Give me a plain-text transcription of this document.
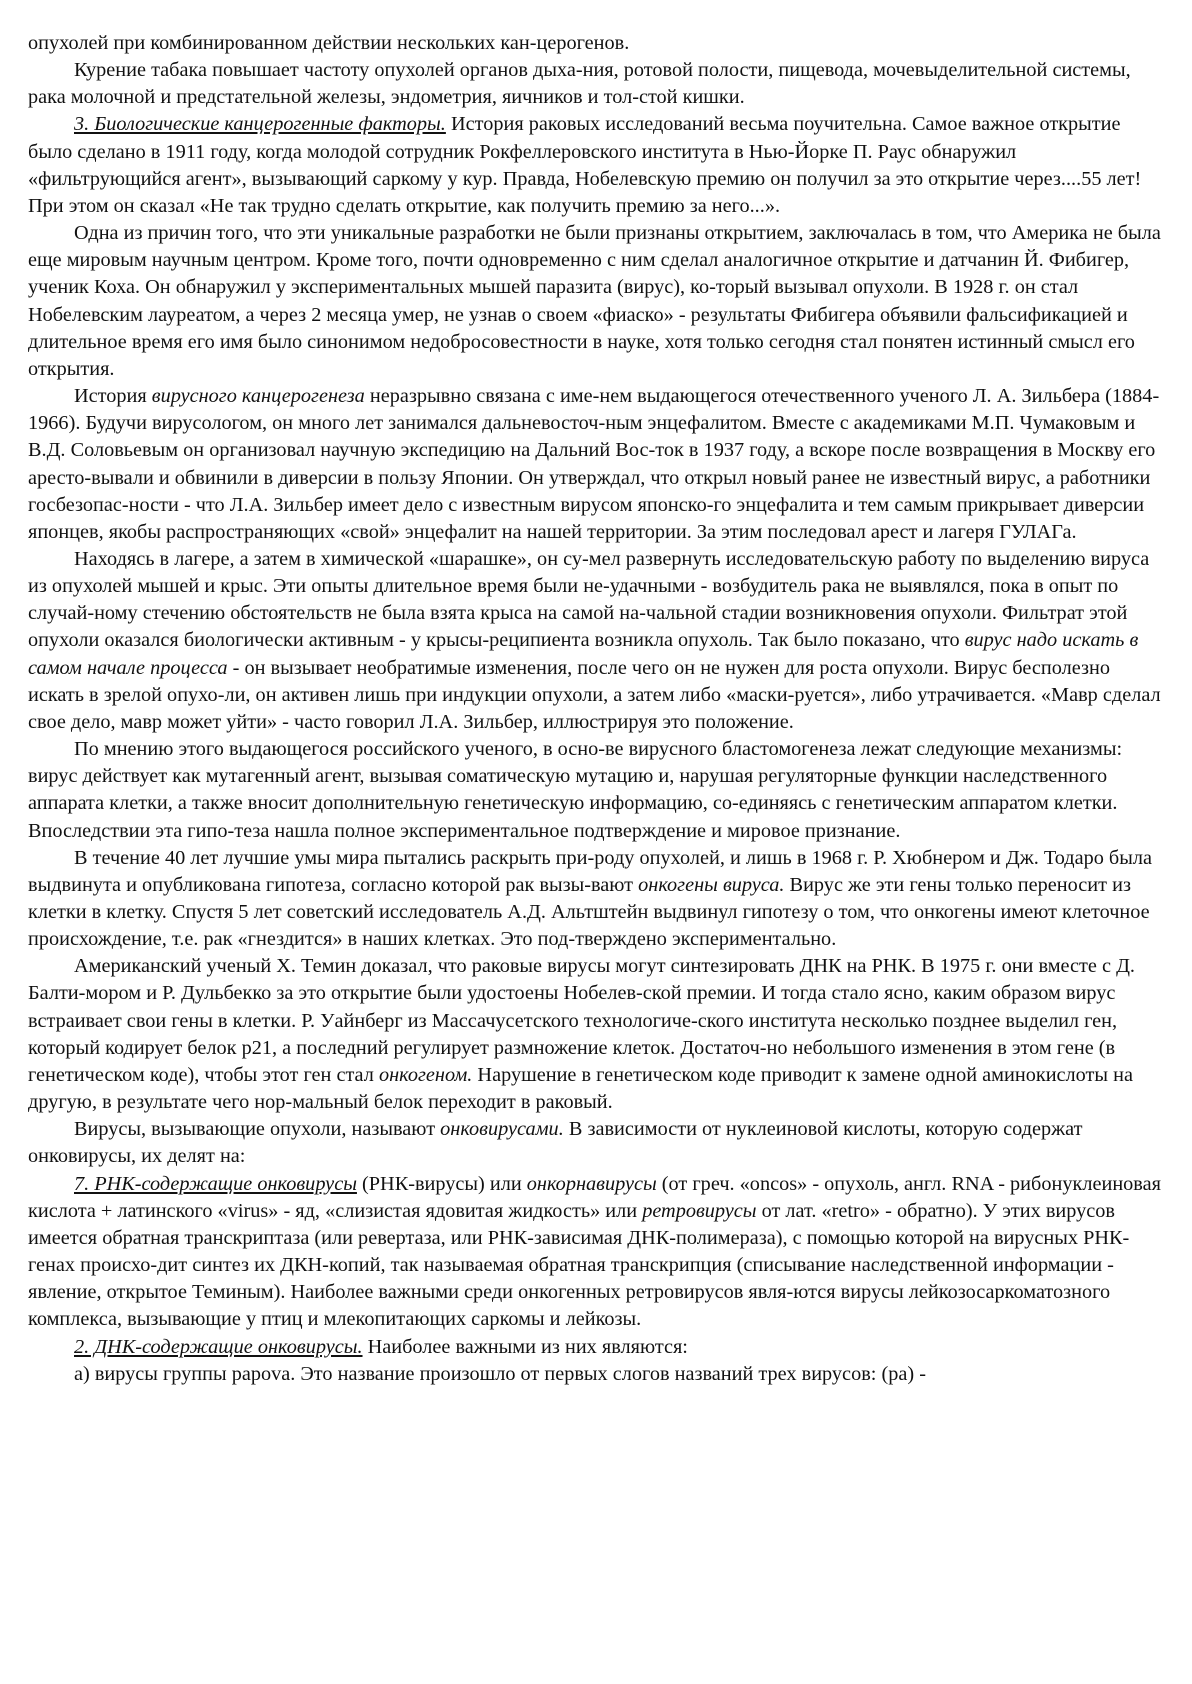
опухолей при комбинированном действии нескольких кан-церогенов.

Курение табака повышает частоту опухолей органов дыха-ния, ротовой полости, пищевода, мочевыделительной системы, рака молочной и предстательной железы, эндометрия, яичников и тол-стой кишки.

3. Биологические канцерогенные факторы. История раковых исследований весьма поучительна. Самое важное открытие было сделано в 1911 году, когда молодой сотрудник Рокфеллеровского института в Нью-Йорке П. Раус обнаружил «фильтрующийся агент», вызывающий саркому у кур. Правда, Нобелевскую премию он получил за это открытие через....55 лет! При этом он сказал «Не так трудно сделать открытие, как получить премию за него...».

Одна из причин того, что эти уникальные разработки не были признаны открытием, заключалась в том, что Америка не была еще мировым научным центром. Кроме того, почти одновременно с ним сделал аналогичное открытие и датчанин Й. Фибигер, ученик Коха. Он обнаружил у экспериментальных мышей паразита (вирус), ко-торый вызывал опухоли. В 1928 г. он стал Нобелевским лауреатом, а через 2 месяца умер, не узнав о своем «фиаско» - результаты Фибигера объявили фальсификацией и длительное время его имя было синонимом недобросовестности в науке, хотя только сегодня стал понятен истинный смысл его открытия.

История вирусного канцерогенеза неразрывно связана с име-нем выдающегося отечественного ученого Л. А. Зильбера (1884-1966). Будучи вирусологом, он много лет занимался дальневосточ-ным энцефалитом. Вместе с академиками М.П. Чумаковым и В.Д. Соловьевым он организовал научную экспедицию на Дальний Вос-ток в 1937 году, а вскоре после возвращения в Москву его аресто-вывали и обвинили в диверсии в пользу Японии. Он утверждал, что открыл новый ранее не известный вирус, а работники госбезопас-ности - что Л.А. Зильбер имеет дело с известным вирусом японско-го энцефалита и тем самым прикрывает диверсии японцев, якобы распространяющих «свой» энцефалит на нашей территории. За этим последовал арест и лагеря ГУЛАГа.

Находясь в лагере, а затем в химической «шарашке», он су-мел развернуть исследовательскую работу по выделению вируса из опухолей мышей и крыс. Эти опыты длительное время были не-удачными - возбудитель рака не выявлялся, пока в опыт по случай-ному стечению обстоятельств не была взята крыса на самой на-чальной стадии возникновения опухоли. Фильтрат этой опухоли оказался биологически активным - у крысы-реципиента возникла опухоль. Так было показано, что вирус надо искать в самом начале процесса - он вызывает необратимые изменения, после чего он не нужен для роста опухоли. Вирус бесполезно искать в зрелой опухо-ли, он активен лишь при индукции опухоли, а затем либо «маски-руется», либо утрачивается. «Мавр сделал свое дело, мавр может уйти» - часто говорил Л.А. Зильбер, иллюстрируя это положение.

По мнению этого выдающегося российского ученого, в осно-ве вирусного бластомогенеза лежат следующие механизмы: вирус действует как мутагенный агент, вызывая соматическую мутацию и, нарушая регуляторные функции наследственного аппарата клетки, а также вносит дополнительную генетическую информацию, со-единяясь с генетическим аппаратом клетки. Впоследствии эта гипо-теза нашла полное экспериментальное подтверждение и мировое признание.

В течение 40 лет лучшие умы мира пытались раскрыть при-роду опухолей, и лишь в 1968 г. Р. Хюбнером и Дж. Тодаро была выдвинута и опубликована гипотеза, согласно которой рак вызы-вают онкогены вируса. Вирус же эти гены только переносит из клетки в клетку. Спустя 5 лет советский исследователь А.Д. Альтштейн выдвинул гипотезу о том, что онкогены имеют клеточное происхождение, т.е. рак «гнездится» в наших клетках. Это под-тверждено экспериментально.

Американский ученый X. Темин доказал, что раковые вирусы могут синтезировать ДНК на РНК. В 1975 г. они вместе с Д. Балти-мором и Р. Дульбекко за это открытие были удостоены Нобелев-ской премии. И тогда стало ясно, каким образом вирус встраивает свои гены в клетки. Р. Уайнберг из Массачусетского технологиче-ского института несколько позднее выделил ген, который кодирует белок р21, а последний регулирует размножение клеток. Достаточ-но небольшого изменения в этом гене (в генетическом коде), чтобы этот ген стал онкогеном. Нарушение в генетическом коде приводит к замене одной аминокислоты на другую, в результате чего нор-мальный белок переходит в раковый.

Вирусы, вызывающие опухоли, называют онковирусами. В зависимости от нуклеиновой кислоты, которую содержат онковирусы, их делят на:

7. РНК-содержащие онковирусы (РНК-вирусы) или онкорнавирусы (от греч. «oncos» - опухоль, англ. RNA - рибонуклеиновая кислота + латинского «virus» - яд, «слизистая ядовитая жидкость» или ретровирусы от лат. «retro» - обратно). У этих вирусов имеется обратная транскриптаза (или ревертаза, или РНК-зависимая ДНК-полимераза), с помощью которой на вирусных РНК-генах происхо-дит синтез их ДКН-копий, так называемая обратная транскрипция (списывание наследственной информации - явление, открытое Теминым). Наиболее важными среди онкогенных ретровирусов явля-ются вирусы лейкозосаркоматозного комплекса, вызывающие у птиц и млекопитающих саркомы и лейкозы.

2. ДНК-содержащие онковирусы. Наиболее важными из них являются:

а) вирусы группы papova. Это название произошло от первых слогов названий трех вирусов: (pa) -
